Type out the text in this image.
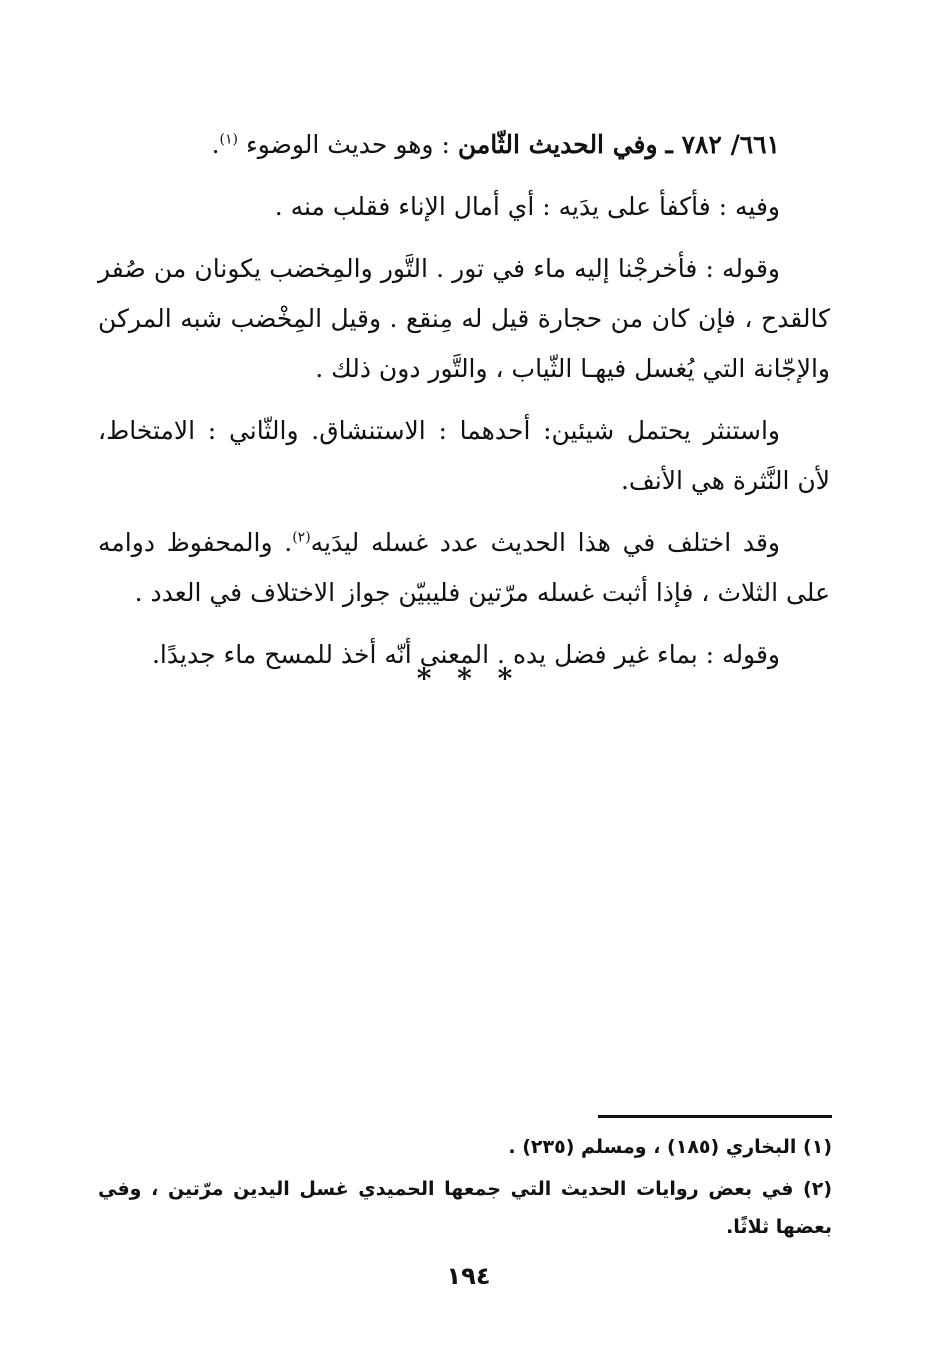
٦٦١/ ٧٨٢ ـ وفي الحديث الثّامن : وهو حديث الوضوء $^{(١)}$.

وفيه : فأكفأ على يدَيه : أي أمال الإناء فقلب منه .

وقوله : فأخرجْنا إليه ماء في تور . التَّور والمِخضب يكونان من صُفر كالقدح ، فإن كان من حجارة قيل له مِنقع . وقيل المِخْضب شبه المركن والإجّانة التي يُغسل فيهـا الثّياب ، والتَّور دون ذلك .

واستنثر يحتمل شيئين: أحدهما : الاستنشاق. والثّاني : الامتخاط، لأن النَّثرة هي الأنف.

وقد اختلف في هذا الحديث عدد غسله ليدَيه$^{(٢)}$. والمحفوظ دوامه على الثلاث ، فإذا أثبت غسله مرّتين فليبيّن جواز الاختلاف في العدد .

وقوله : بماء غير فضل يده . المعنى أنّه أخذ للمسح ماء جديدًا.

* * *

(١) البخاري (١٨٥) ، ومسلم (٢٣٥) .

(٢) في بعض روايات الحديث التي جمعها الحميدي غسل اليدين مرّتين ، وفي بعضها ثلاثًا.

١٩٤
